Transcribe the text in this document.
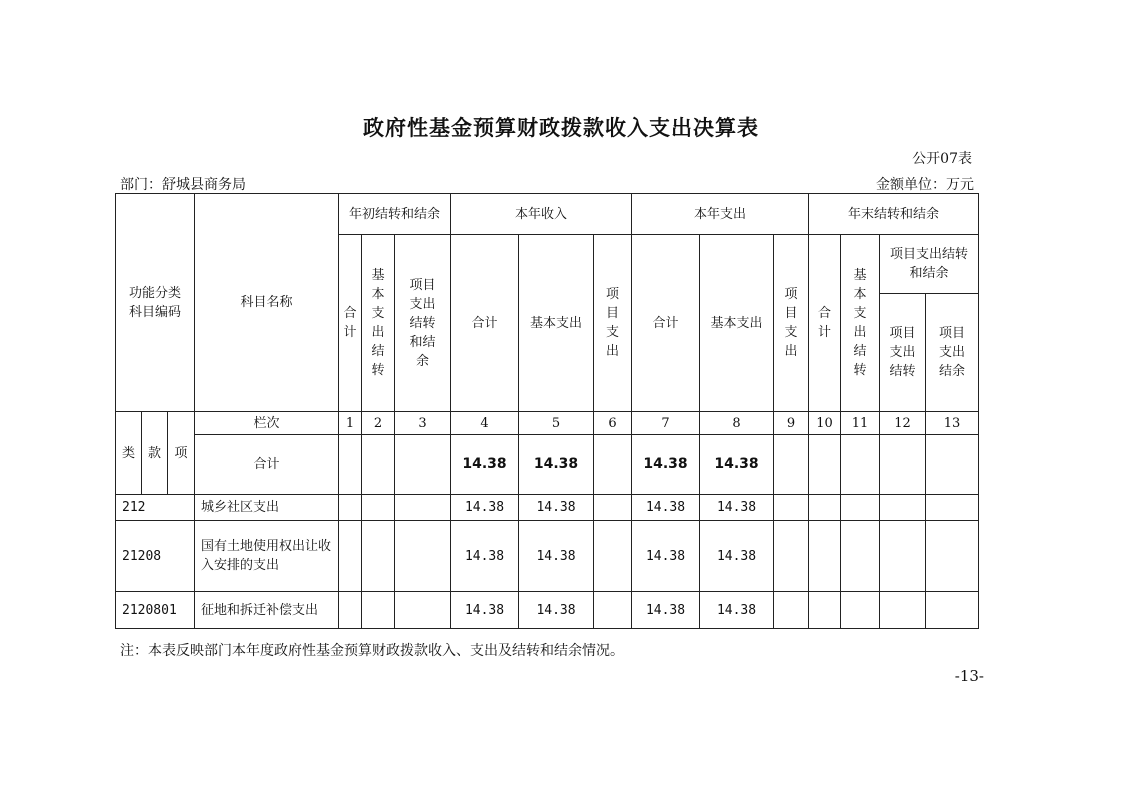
政府性基金预算财政拨款收入支出决算表
公开07表
部门：舒城县商务局	金额单位：万元
功能分类科目编码			科目名称	年初结转和结余			本年收入			本年支出			年末结转和结余			
				合计	基本支出结转	项目支出结转和结余	合计	基本支出	项目支出	合计	基本支出	项目支出	合计	基本支出结转	项目支出结转和结余	
															项目支出结转	项目支出结余
类	款	项	栏次	1	2	3	4	5	6	7	8	9	10	11	12	13
			合计				14.38	14.38		14.38	14.38					
212			城乡社区支出				14.38	14.38		14.38	14.38					
21208			国有土地使用权出让收入安排的支出				14.38	14.38		14.38	14.38					
2120801			征地和拆迁补偿支出				14.38	14.38		14.38	14.38					
注：本表反映部门本年度政府性基金预算财政拨款收入、支出及结转和结余情况。
-13-
